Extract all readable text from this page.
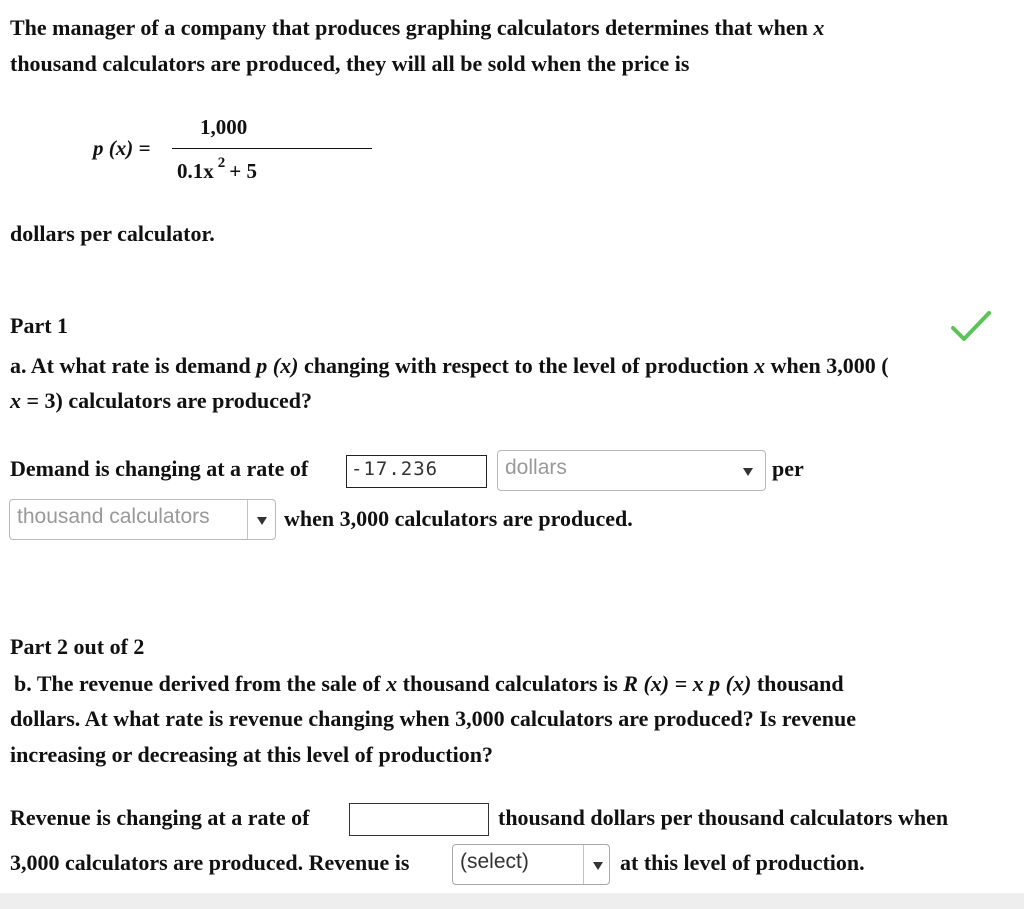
The manager of a company that produces graphing calculators determines that when x
thousand calculators are produced, they will all be sold when the price is
p (x) =
1,000
0.1x $^2$ + 5
dollars per calculator.
Part 1
a. At what rate is demand p (x) changing with respect to the level of production x when 3,000 (
x = 3) calculators are produced?
Demand is changing at a rate of -17.236	dollars	per
thousand calculators	when 3,000 calculators are produced.
Part 2 out of 2
b. The revenue derived from the sale of x thousand calculators is R (x) = x p (x) thousand
dollars. At what rate is revenue changing when 3,000 calculators are produced? Is revenue
increasing or decreasing at this level of production?
Revenue is changing at a rate of	thousand dollars per thousand calculators when
3,000 calculators are produced. Revenue is (select)	at this level of production.
